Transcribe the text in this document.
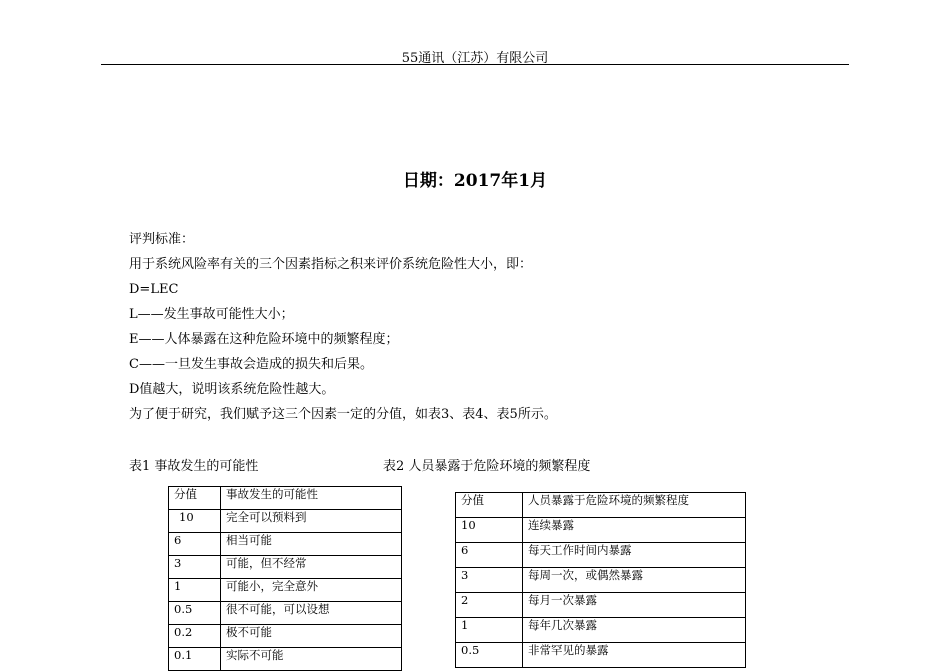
55通讯（江苏）有限公司
日期：2017年1月

评判标准：

用于系统风险率有关的三个因素指标之积来评价系统危险性大小，即：

D=LEC

L——发生事故可能性大小；

E——人体暴露在这种危险环境中的频繁程度；

C——一旦发生事故会造成的损失和后果。

D值越大，说明该系统危险性越大。

为了便于研究，我们赋予这三个因素一定的分值，如表3、表4、表5所示。

表1 事故发生的可能性	表2 人员暴露于危险环境的频繁程度
分值	事故发生的可能性
10	完全可以预料到
6	相当可能
3	可能，但不经常
1	可能小，完全意外
0.5	很不可能，可以设想
0.2	极不可能
0.1	实际不可能
分值	人员暴露于危险环境的频繁程度
10	连续暴露
6	每天工作时间内暴露
3	每周一次，或偶然暴露
2	每月一次暴露
1	每年几次暴露
0.5	非常罕见的暴露
